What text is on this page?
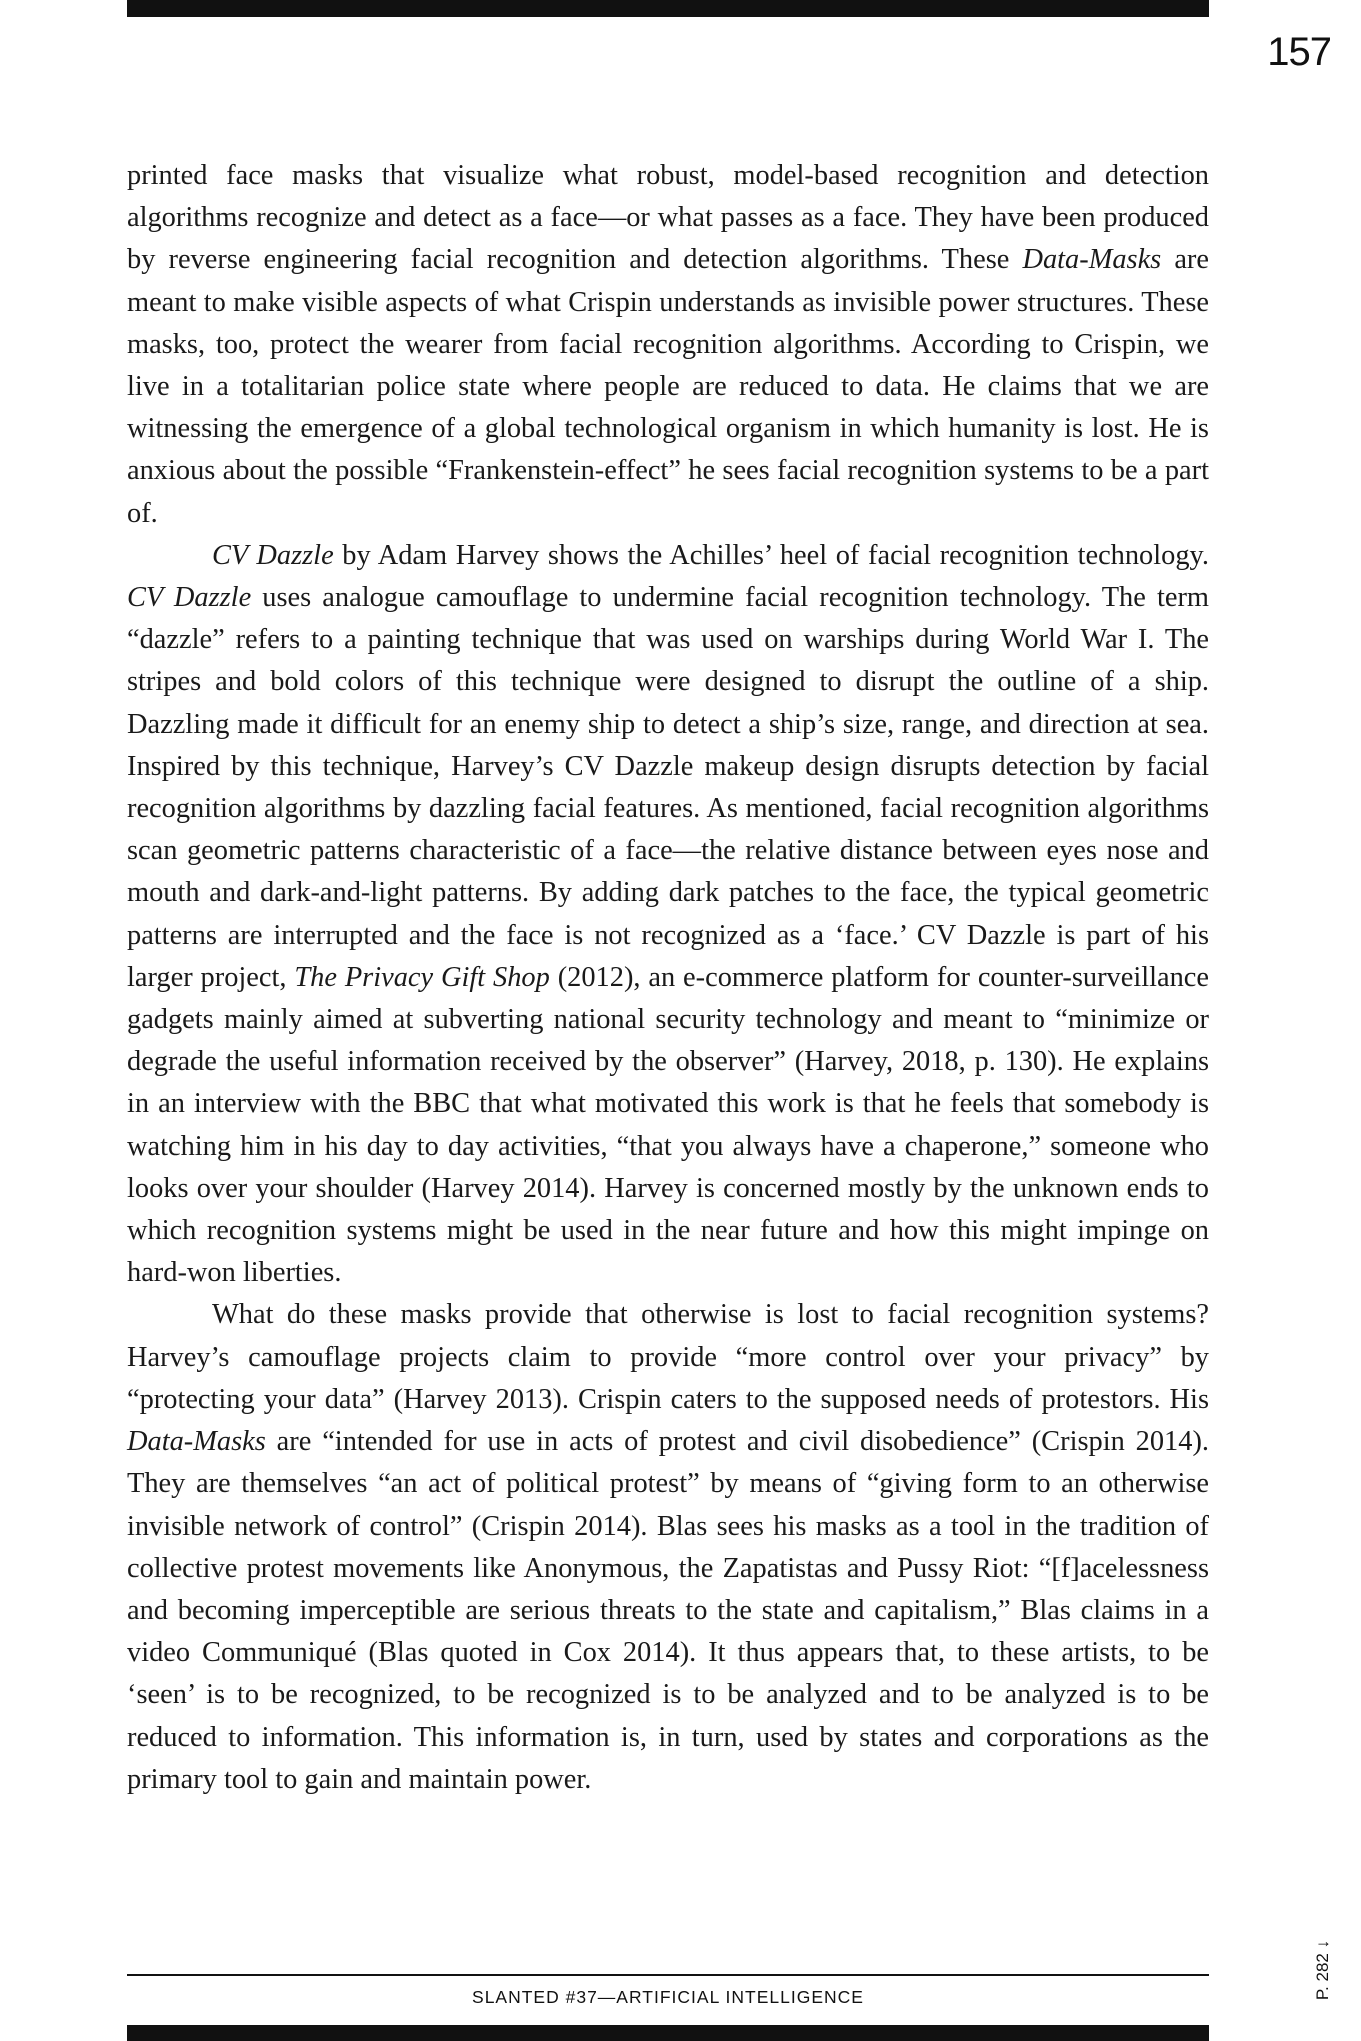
157

printed face masks that visualize what robust, model-based recognition and detection algorithms recognize and detect as a face—or what passes as a face. They have been produced by reverse engineering facial recognition and detection algorithms. These Data-Masks are meant to make visible aspects of what Crispin understands as invisible power structures. These masks, too, protect the wearer from facial recognition algorithms. According to Crispin, we live in a totalitarian police state where people are reduced to data. He claims that we are witnessing the emergence of a global technological organism in which humanity is lost. He is anxious about the possible “Frankenstein-effect” he sees facial recognition systems to be a part of.

CV Dazzle by Adam Harvey shows the Achilles’ heel of facial recognition technology. CV Dazzle uses analogue camouflage to undermine facial recognition technology. The term “dazzle” refers to a painting technique that was used on warships during World War I. The stripes and bold colors of this technique were designed to disrupt the outline of a ship. Dazzling made it difficult for an enemy ship to detect a ship’s size, range, and direction at sea. Inspired by this technique, Harvey’s CV Dazzle makeup design disrupts detection by facial recognition algorithms by dazzling facial features. As mentioned, facial recognition algorithms scan geometric patterns characteristic of a face—the relative distance between eyes nose and mouth and dark-and-light patterns. By adding dark patches to the face, the typical geometric patterns are interrupted and the face is not recognized as a ‘face.’ CV Dazzle is part of his larger project, The Privacy Gift Shop (2012), an e-commerce platform for counter-surveillance gadgets mainly aimed at subverting national security technology and meant to “minimize or degrade the useful information received by the observer” (Harvey, 2018, p. 130). He explains in an interview with the BBC that what motivated this work is that he feels that somebody is watching him in his day to day activities, “that you always have a chaperone,” someone who looks over your shoulder (Harvey 2014). Harvey is concerned mostly by the unknown ends to which recognition systems might be used in the near future and how this might impinge on hard-won liberties.

What do these masks provide that otherwise is lost to facial recognition systems? Harvey’s camouflage projects claim to provide “more control over your privacy” by “protecting your data” (Harvey 2013). Crispin caters to the supposed needs of protestors. His Data-Masks are “intended for use in acts of protest and civil disobedience” (Crispin 2014). They are themselves “an act of political protest” by means of “giving form to an otherwise invisible network of control” (Crispin 2014). Blas sees his masks as a tool in the tradition of collective protest movements like Anonymous, the Zapatistas and Pussy Riot: “[f]acelessness and becoming imperceptible are serious threats to the state and capitalism,” Blas claims in a video Communiqué (Blas quoted in Cox 2014). It thus appears that, to these artists, to be ‘seen’ is to be recognized, to be recognized is to be analyzed and to be analyzed is to be reduced to information. This information is, in turn, used by states and corporations as the primary tool to gain and maintain power.

P. 282 ↓
SLANTED #37—ARTIFICIAL INTELLIGENCE
